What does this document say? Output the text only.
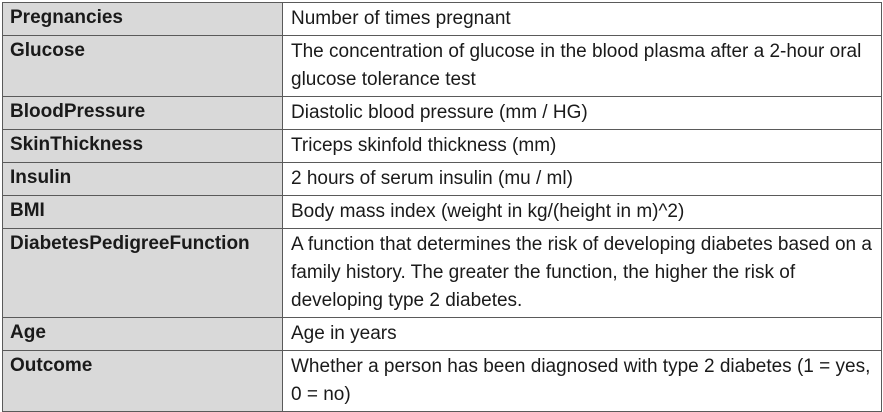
Pregnancies	Number of times pregnant
Glucose	The concentration of glucose in the blood plasma after a 2-hour oral glucose tolerance test
BloodPressure	Diastolic blood pressure (mm / HG)
SkinThickness	Triceps skinfold thickness (mm)
Insulin	2 hours of serum insulin (mu / ml)
BMI	Body mass index (weight in kg/(height in m)^2)
DiabetesPedigreeFunction	A function that determines the risk of developing diabetes based on a family history. The greater the function, the higher the risk of developing type 2 diabetes.
Age	Age in years
Outcome	Whether a person has been diagnosed with type 2 diabetes (1 = yes, 0 = no)
